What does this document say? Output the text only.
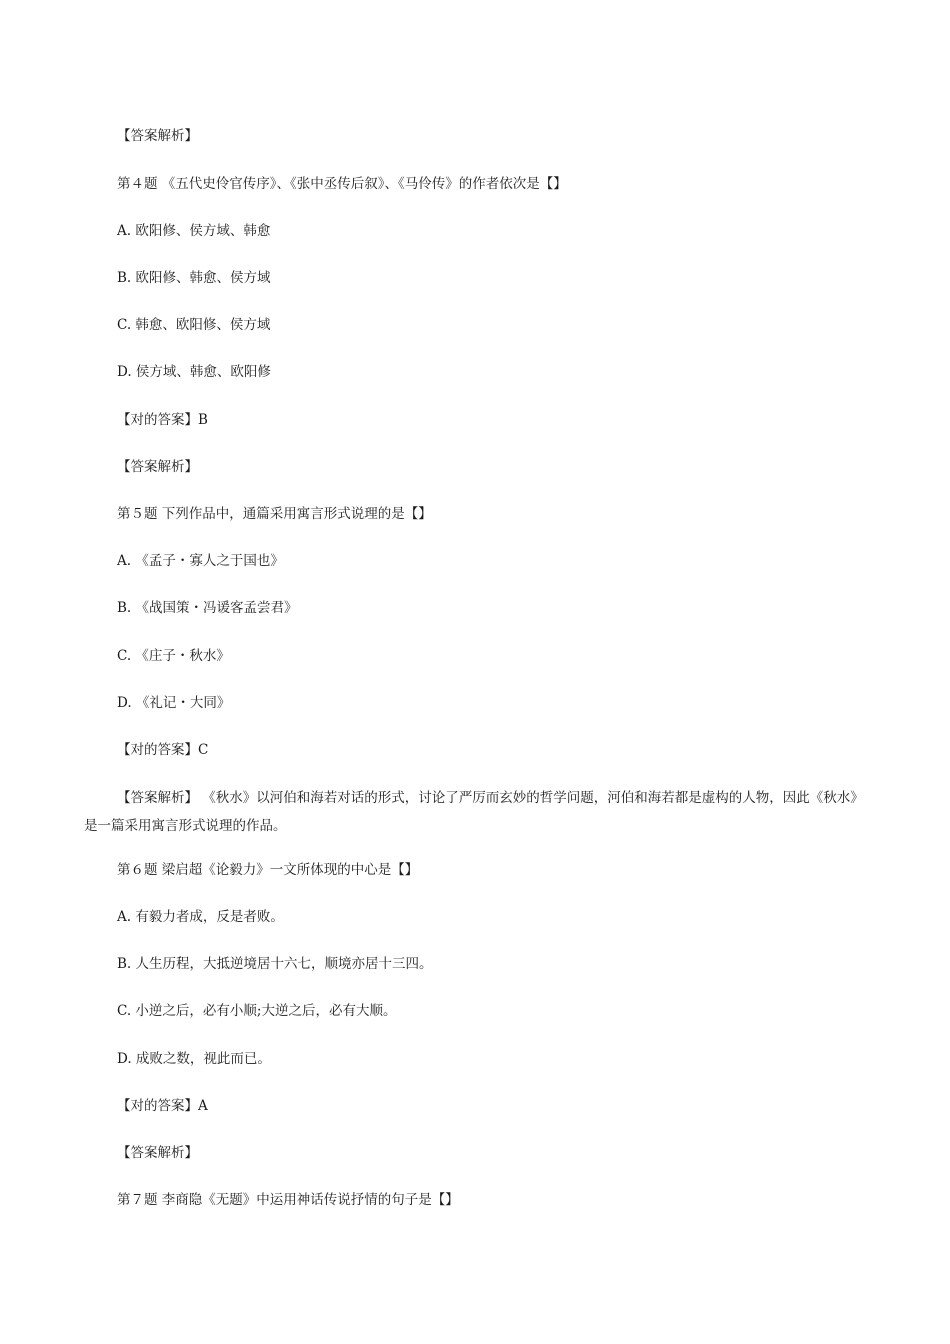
【答案解析】
第４题 《五代史伶官传序》、《张中丞传后叙》、《马伶传》的作者依次是【】
A. 欧阳修、侯方域、韩愈
B. 欧阳修、韩愈、侯方域
C. 韩愈、欧阳修、侯方域
D. 侯方域、韩愈、欧阳修
【对的答案】B
【答案解析】
第５题 下列作品中，通篇采用寓言形式说理的是【】
A. 《孟子・寡人之于国也》
B. 《战国策・冯谖客孟尝君》
C. 《庄子・秋水》
D. 《礼记・大同》
【对的答案】C
【答案解析】 《秋水》以河伯和海若对话的形式，讨论了严厉而玄妙的哲学问题，河伯和海若都是虚构的人物，因此《秋水》是一篇采用寓言形式说理的作品。
第６题 梁启超《论毅力》一文所体现的中心是【】
A. 有毅力者成，反是者败。
B. 人生历程，大抵逆境居十六七，顺境亦居十三四。
C. 小逆之后，必有小顺;大逆之后，必有大顺。
D. 成败之数，视此而已。
【对的答案】A
【答案解析】
第７题 李商隐《无题》中运用神话传说抒情的句子是【】
